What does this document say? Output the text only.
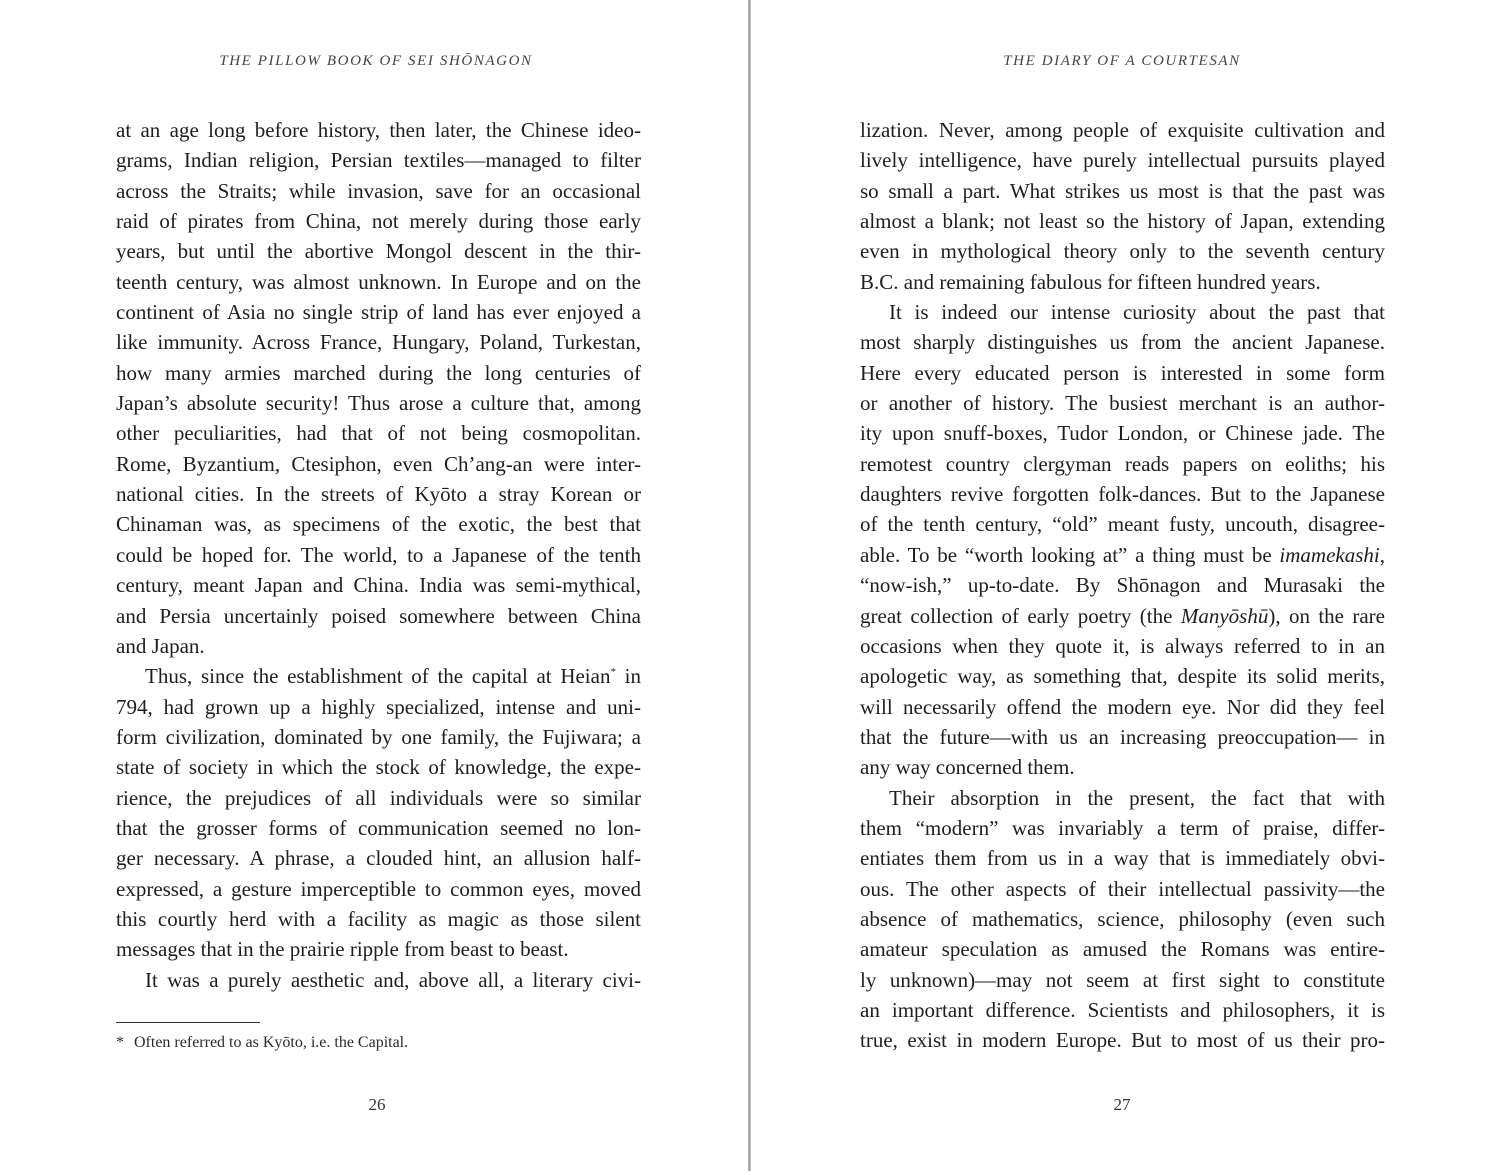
THE PILLOW BOOK OF SEI SHŌNAGON
at an age long before history, then later, the Chinese ideo-
grams, Indian religion, Persian textiles—managed to filter
across the Straits; while invasion, save for an occasional
raid of pirates from China, not merely during those early
years, but until the abortive Mongol descent in the thir-
teenth century, was almost unknown. In Europe and on the
continent of Asia no single strip of land has ever enjoyed a
like immunity. Across France, Hungary, Poland, Turkestan,
how many armies marched during the long centuries of
Japan’s absolute security! Thus arose a culture that, among
other peculiarities, had that of not being cosmopolitan.
Rome, Byzantium, Ctesiphon, even Ch’ang-an were inter-
national cities. In the streets of Kyōto a stray Korean or
Chinaman was, as specimens of the exotic, the best that
could be hoped for. The world, to a Japanese of the tenth
century, meant Japan and China. India was semi-mythical,
and Persia uncertainly poised somewhere between China
and Japan.
Thus, since the establishment of the capital at Heian* in
794, had grown up a highly specialized, intense and uni-
form civilization, dominated by one family, the Fujiwara; a
state of society in which the stock of knowledge, the expe-
rience, the prejudices of all individuals were so similar
that the grosser forms of communication seemed no lon-
ger necessary. A phrase, a clouded hint, an allusion half-
expressed, a gesture imperceptible to common eyes, moved
this courtly herd with a facility as magic as those silent
messages that in the prairie ripple from beast to beast.
It was a purely aesthetic and, above all, a literary civi-
* Often referred to as Kyōto, i.e. the Capital.
26
THE DIARY OF A COURTESAN
lization. Never, among people of exquisite cultivation and
lively intelligence, have purely intellectual pursuits played
so small a part. What strikes us most is that the past was
almost a blank; not least so the history of Japan, extending
even in mythological theory only to the seventh century
B.C. and remaining fabulous for fifteen hundred years.
It is indeed our intense curiosity about the past that
most sharply distinguishes us from the ancient Japanese.
Here every educated person is interested in some form
or another of history. The busiest merchant is an author-
ity upon snuff-boxes, Tudor London, or Chinese jade. The
remotest country clergyman reads papers on eoliths; his
daughters revive forgotten folk-dances. But to the Japanese
of the tenth century, “old” meant fusty, uncouth, disagree-
able. To be “worth looking at” a thing must be imamekashi,
“now-ish,” up-to-date. By Shōnagon and Murasaki the
great collection of early poetry (the Manyōshū), on the rare
occasions when they quote it, is always referred to in an
apologetic way, as something that, despite its solid merits,
will necessarily offend the modern eye. Nor did they feel
that the future—with us an increasing preoccupation— in
any way concerned them.
Their absorption in the present, the fact that with
them “modern” was invariably a term of praise, differ-
entiates them from us in a way that is immediately obvi-
ous. The other aspects of their intellectual passivity—the
absence of mathematics, science, philosophy (even such
amateur speculation as amused the Romans was entire-
ly unknown)—may not seem at first sight to constitute
an important difference. Scientists and philosophers, it is
true, exist in modern Europe. But to most of us their pro-
27
